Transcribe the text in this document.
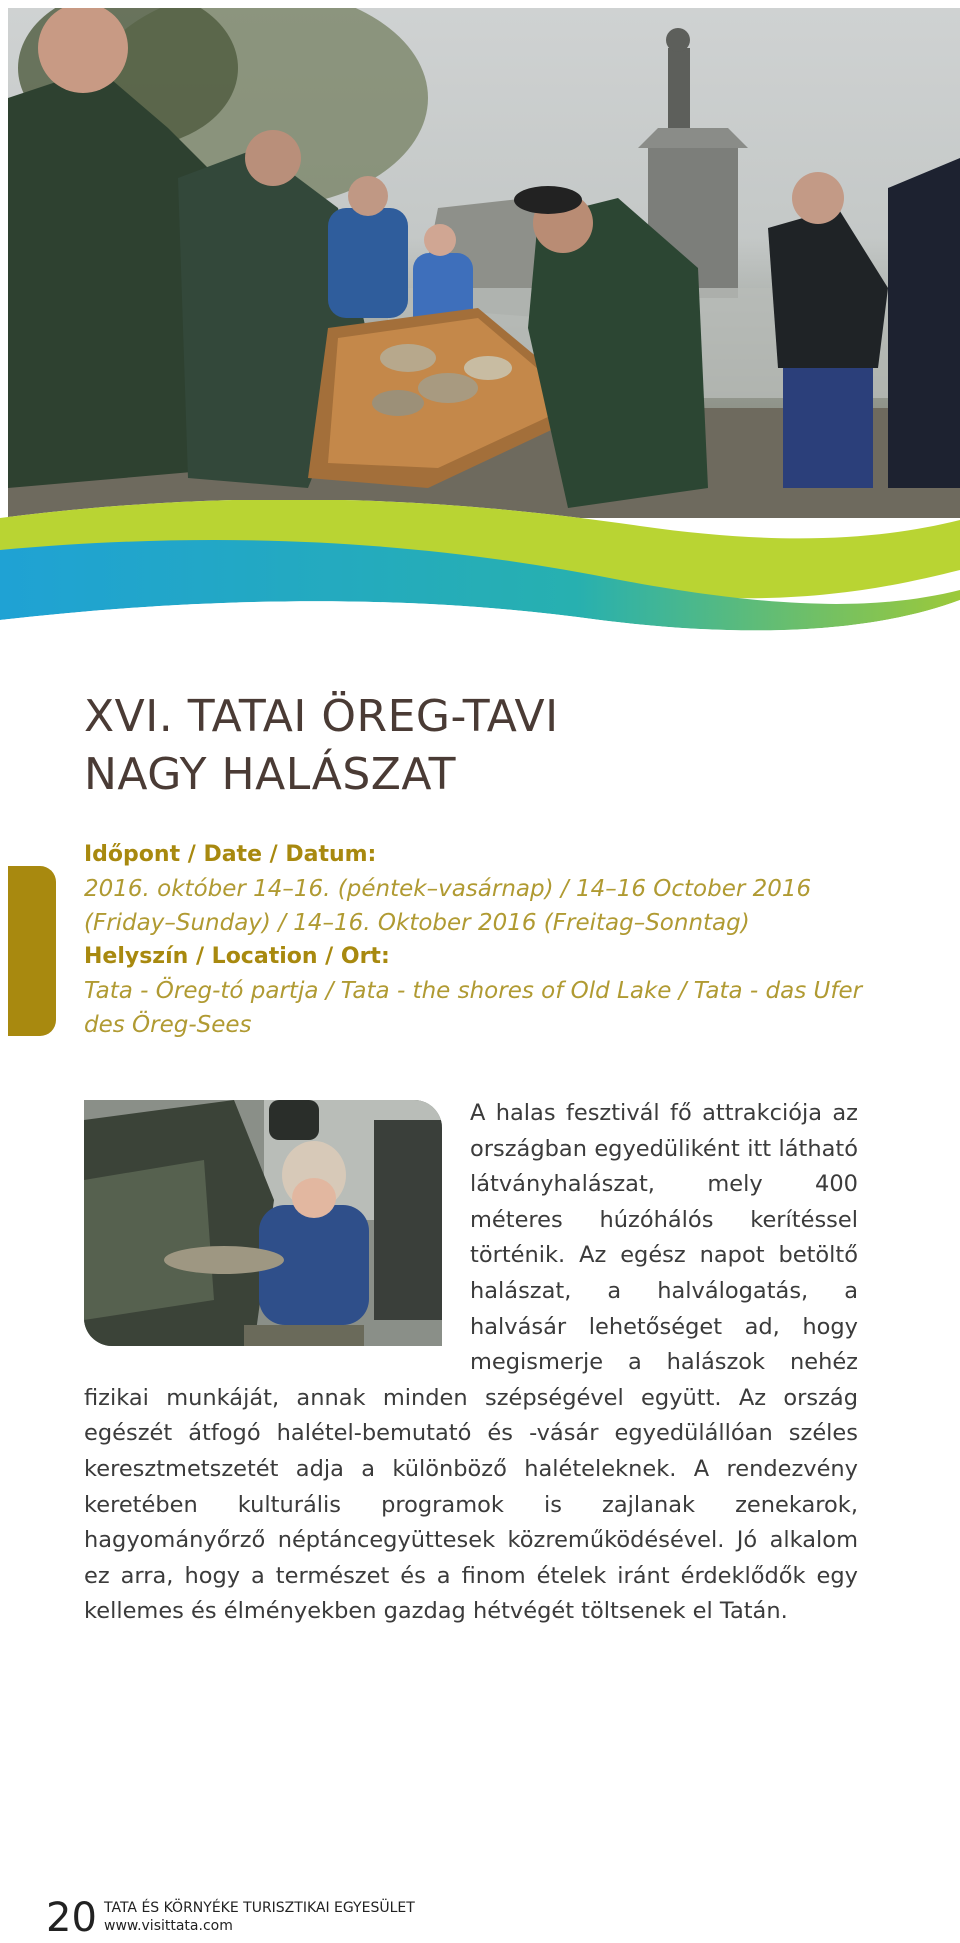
XVI. TATAI ÖREG-TAVI
NAGY HALÁSZAT
Időpont / Date / Datum:
2016. október 14–16. (péntek–vasárnap) / 14–16 October 2016 (Friday–Sunday) / 14–16. Oktober 2016 (Freitag–Sonntag)
Helyszín / Location / Ort:
Tata - Öreg-tó partja / Tata - the shores of Old Lake / Tata - das Ufer des Öreg-Sees
A halas fesztivál fő attrakciója az országban egyedüliként itt látható látványhalászat, mely 400 méteres húzóhálós kerítéssel történik. Az egész napot betöltő halászat, a halválogatás, a halvásár lehetőséget ad, hogy megismerje a halászok nehéz fizikai munkáját, annak minden szépségével együtt. Az ország egészét átfogó halétel-bemutató és -vásár egyedülállóan széles keresztmetszetét adja a különböző halételeknek. A rendezvény keretében kulturális programok is zajlanak zenekarok, hagyományőrző néptáncegyüttesek közreműködésével. Jó alkalom ez arra, hogy a természet és a finom ételek iránt érdeklődők egy kellemes és élményekben gazdag hétvégét töltsenek el Tatán.
20 TATA ÉS KÖRNYÉKE TURISZTIKAI EGYESÜLET
www.visittata.com
